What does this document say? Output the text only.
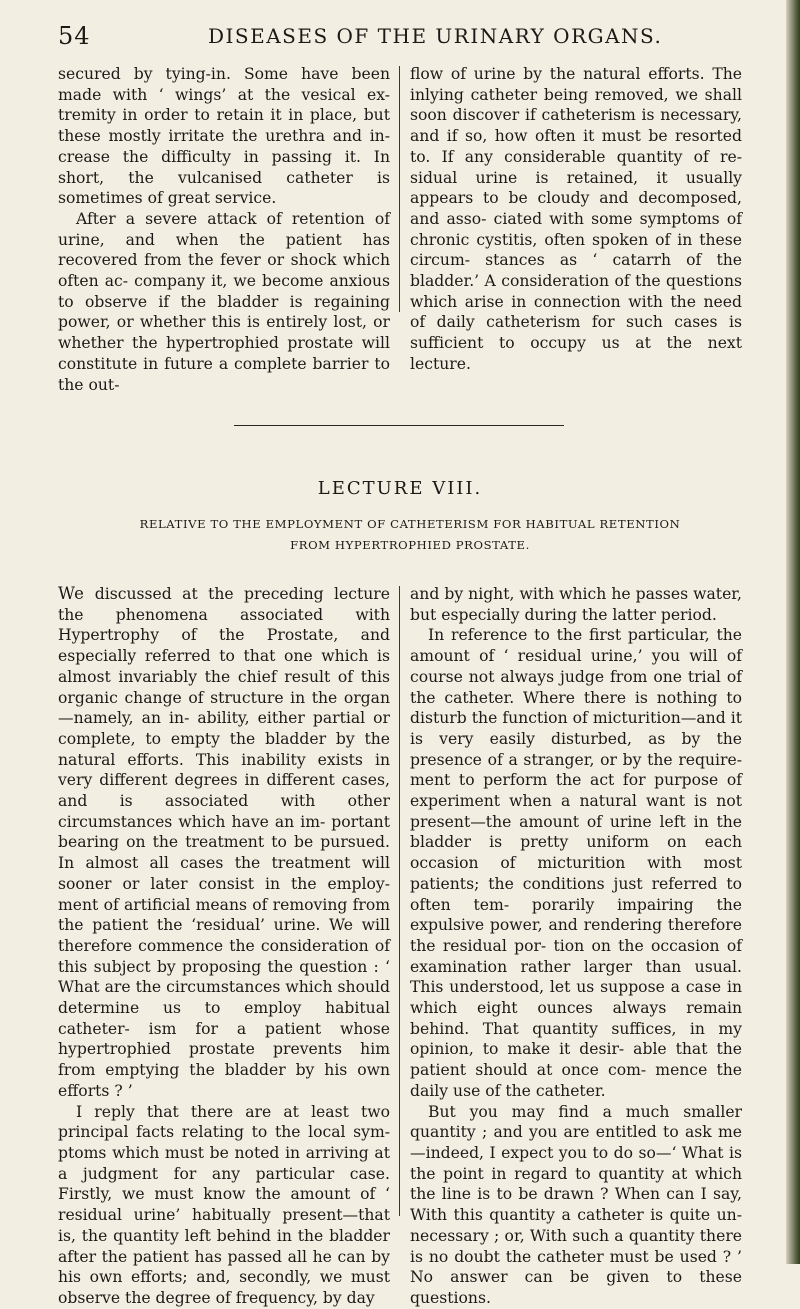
54	DISEASES OF THE URINARY ORGANS.

secured by tying-in. Some have been made with ‘ wings’ at the vesical ex- tremity in order to retain it in place, but these mostly irritate the urethra and in- crease the difficulty in passing it. In short, the vulcanised catheter is sometimes of great service.

After a severe attack of retention of urine, and when the patient has recovered from the fever or shock which often ac- company it, we become anxious to observe if the bladder is regaining power, or whether this is entirely lost, or whether the hypertrophied prostate will constitute in future a complete barrier to the out-

flow of urine by the natural efforts. The inlying catheter being removed, we shall soon discover if catheterism is necessary, and if so, how often it must be resorted to. If any considerable quantity of re- sidual urine is retained, it usually appears to be cloudy and decomposed, and asso- ciated with some symptoms of chronic cystitis, often spoken of in these circum- stances as ‘ catarrh of the bladder.’ A consideration of the questions which arise in connection with the need of daily catheterism for such cases is sufficient to occupy us at the next lecture.

LECTURE VIII.
RELATIVE TO THE EMPLOYMENT OF CATHETERISM FOR HABITUAL RETENTION
FROM HYPERTROPHIED PROSTATE.

We discussed at the preceding lecture the phenomena associated with Hypertrophy of the Prostate, and especially referred to that one which is almost invariably the chief result of this organic change of structure in the organ—namely, an in- ability, either partial or complete, to empty the bladder by the natural efforts. This inability exists in very different degrees in different cases, and is associated with other circumstances which have an im- portant bearing on the treatment to be pursued. In almost all cases the treatment will sooner or later consist in the employ- ment of artificial means of removing from the patient the ‘residual’ urine. We will therefore commence the consideration of this subject by proposing the question : ‘ What are the circumstances which should determine us to employ habitual catheter- ism for a patient whose hypertrophied prostate prevents him from emptying the bladder by his own efforts ? ’

I reply that there are at least two principal facts relating to the local sym- ptoms which must be noted in arriving at a judgment for any particular case. Firstly, we must know the amount of ‘ residual urine’ habitually present—that is, the quantity left behind in the bladder after the patient has passed all he can by his own efforts; and, secondly, we must observe the degree of frequency, by day

and by night, with which he passes water, but especially during the latter period.

In reference to the first particular, the amount of ‘ residual urine,’ you will of course not always judge from one trial of the catheter. Where there is nothing to disturb the function of micturition—and it is very easily disturbed, as by the presence of a stranger, or by the require- ment to perform the act for purpose of experiment when a natural want is not present—the amount of urine left in the bladder is pretty uniform on each occasion of micturition with most patients; the conditions just referred to often tem- porarily impairing the expulsive power, and rendering therefore the residual por- tion on the occasion of examination rather larger than usual. This understood, let us suppose a case in which eight ounces always remain behind. That quantity suffices, in my opinion, to make it desir- able that the patient should at once com- mence the daily use of the catheter.

But you may find a much smaller quantity ; and you are entitled to ask me —indeed, I expect you to do so—‘ What is the point in regard to quantity at which the line is to be drawn ? When can I say, With this quantity a catheter is quite un- necessary ; or, With such a quantity there is no doubt the catheter must be used ? ’ No answer can be given to these questions.
